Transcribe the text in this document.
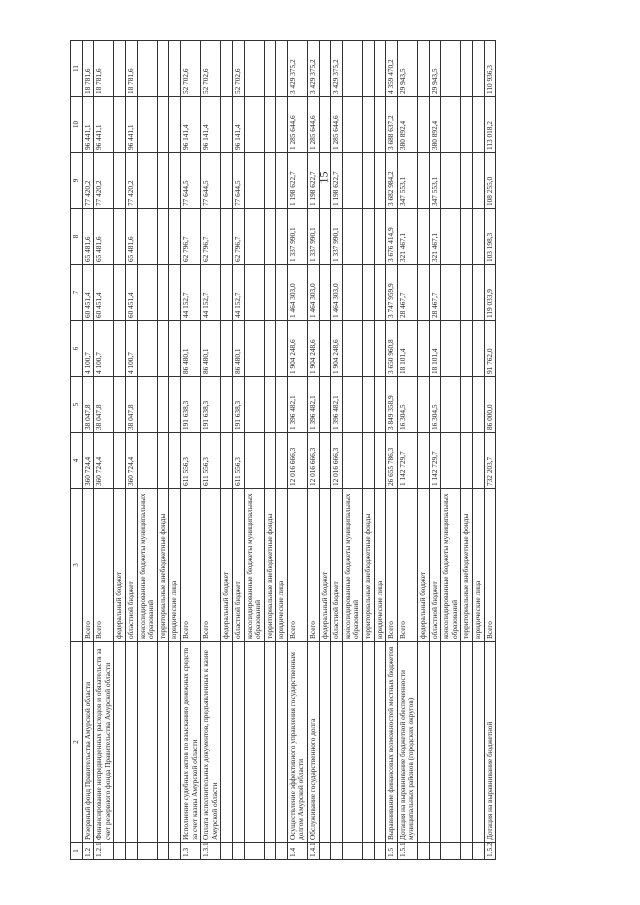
15
1	2	3	4	5	6	7	8	9	10	11
1.2	Резервный фонд Правительства Амурской области	Всего	360 724,4	38 047,8	4 100,7	60 451,4	65 481,6	77 420,2	96 441,1	18 781,6
1.2.1	Финансирование непредвиденных расходов и обязательств за счет резервного фонда Правительства Амурской области	Всего	360 724,4	38 047,8	4 100,7	60 451,4	65 481,6	77 420,2	96 441,1	18 781,6
		федеральный бюджет								
		областной бюджет	360 724,4	38 047,8	4 100,7	60 451,4	65 481,6	77 420,2	96 441,1	18 781,6
		консолидированные бюджеты муниципальных образований								
		территориальные внебюджетные фонды								
		юридические лица								
1.3	Исполнение судебных актов по взысканию денежных средств за счет казны Амурской области	Всего	611 556,3	191 638,3	86 480,1	44 152,7	62 796,7	77 644,5	96 141,4	52 702,6
1.3.1	Оплата исполнительных документов, предъявленных к казне Амурской области	Всего	611 556,3	191 638,3	86 480,1	44 152,7	62 796,7	77 644,5	96 141,4	52 702,6
		федеральный бюджет								
		областной бюджет	611 556,3	191 638,3	86 480,1	44 152,7	62 796,7	77 644,5	96 141,4	52 702,6
		консолидированные бюджеты муниципальных образований								
		территориальные внебюджетные фонды								
		юридические лица								
1.4	Осуществление эффективного управления государственным долгом Амурской области	Всего	12 016 666,3	1 396 482,1	1 904 248,6	1 464 303,0	1 337 990,1	1 198 622,7	1 285 644,6	3 429 375,2
1.4.1	Обслуживание государственного долга	Всего	12 016 666,3	1 396 482,1	1 904 248,6	1 464 303,0	1 337 990,1	1 198 622,7	1 285 644,6	3 429 375,2
		федеральный бюджет								
		областной бюджет	12 016 666,3	1 396 482,1	1 904 248,6	1 464 303,0	1 337 990,1	1 198 622,7	1 285 644,6	3 429 375,2
		консолидированные бюджеты муниципальных образований								
		территориальные внебюджетные фонды								
		юридические лица								
1.5	Выравнивание финансовых возможностей местных бюджетов	Всего	26 655 786,3	3 849 358,9	3 650 960,8	3 747 959,9	3 676 414,9	3 682 984,2	3 688 637,2	4 359 470,2
1.5.1	Дотация на выравнивание бюджетной обеспеченности муниципальных районов (городских округов)	Всего	1 142 729,7	16 304,5	18 101,4	28 467,7	321 467,1	347 553,1	380 892,4	29 943,5
		федеральный бюджет								
		областной бюджет	1 142 729,7	16 304,5	18 101,4	28 467,7	321 467,1	347 553,1	380 892,4	29 943,5
		консолидированные бюджеты муниципальных образований								
		территориальные внебюджетные фонды								
		юридические лица								
1.5.2	Дотация на выравнивание бюджетной	Всего	732 203,7	86 000,0	91 762,0	119 033,9	103 198,3	108 255,0	113 018,2	110 936,3
